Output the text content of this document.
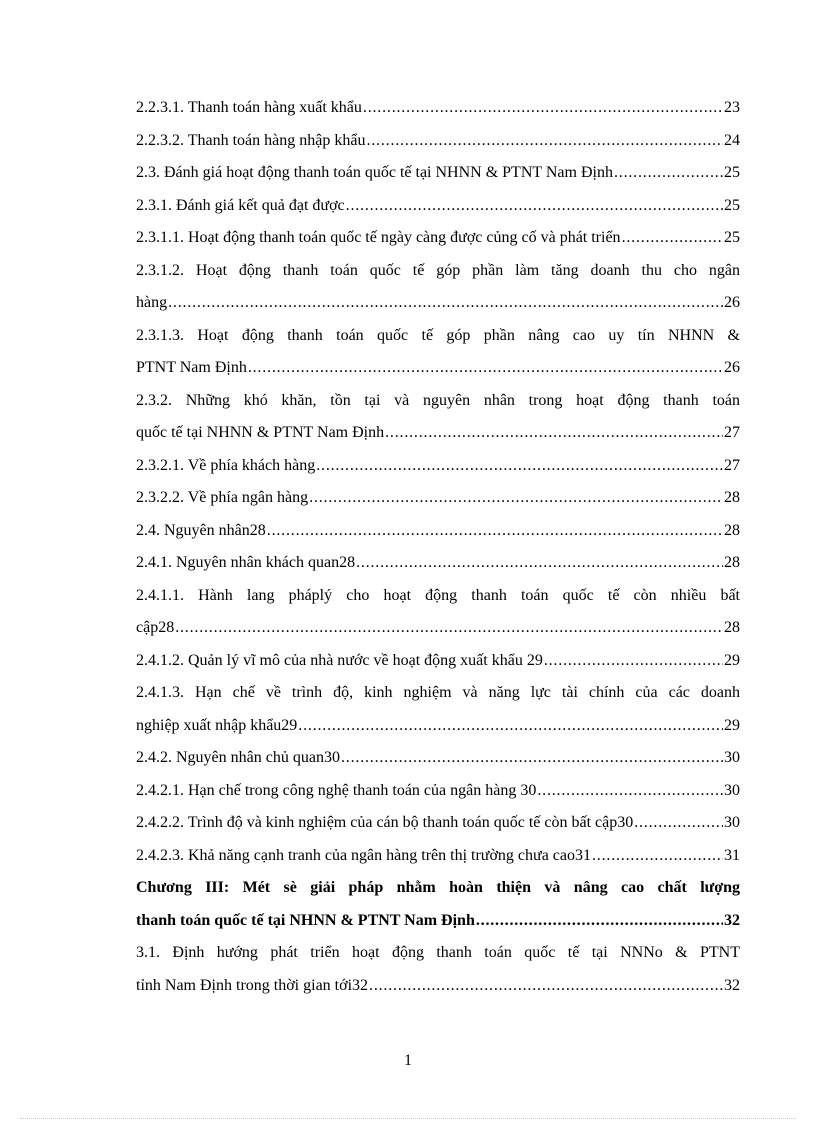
2.2.3.1. Thanh toán hàng xuất khẩu . . .	23
2.2.3.2. Thanh toán hàng nhập khẩu . . .	24
2.3. Đánh giá hoạt động thanh toán quốc tế tại NHNN & PTNT Nam Định . . .	25
2.3.1. Đánh giá kết quả đạt được . . .	25
2.3.1.1. Hoạt động thanh toán quốc tế ngày càng được củng cố và phát triển . . .	25
2.3.1.2. Hoạt động thanh toán quốc tế góp phần làm tăng doanh thu cho ngân
hàng . . .	26
2.3.1.3. Hoạt động thanh toán quốc tế góp phần nâng cao uy tín NHNN &
PTNT Nam Định . . .	26
2.3.2. Những khó khăn, tồn tại và nguyên nhân trong hoạt động thanh toán
quốc tế tại NHNN & PTNT Nam Định . . .	27
2.3.2.1. Về phía khách hàng . . .	27
2.3.2.2. Về phía ngân hàng . . .	28
2.4. Nguyên nhân28 . . .	28
2.4.1. Nguyên nhân khách quan28 . . .	28
2.4.1.1. Hành lang pháplý cho hoạt động thanh toán quốc tế còn nhiều bất
cập28 . . .	28
2.4.1.2. Quản lý vĩ mô của nhà nước về hoạt động xuất khẩu 29 . . .	29
2.4.1.3. Hạn chế về trình độ, kinh nghiệm và năng lực tài chính của các doanh
nghiệp xuất nhập khẩu29 . . .	29
2.4.2. Nguyên nhân chủ quan30 . . .	30
2.4.2.1. Hạn chế trong công nghệ thanh toán của ngân hàng 30 . . .	30
2.4.2.2. Trình độ và kinh nghiệm của cán bộ thanh toán quốc tế còn bất cập30 . . .	30
2.4.2.3. Khả năng cạnh tranh của ngân hàng trên thị trường chưa cao31 . . .	31
Chương III: Mét sè giải pháp nhằm hoàn thiện và nâng cao chất lượng
thanh toán quốc tế tại NHNN & PTNT Nam Định . . .	32
3.1. Định hướng phát triển hoạt động thanh toán quốc tế tại NNNo & PTNT
tỉnh Nam Định trong thời gian tới32 . . .	32
1
